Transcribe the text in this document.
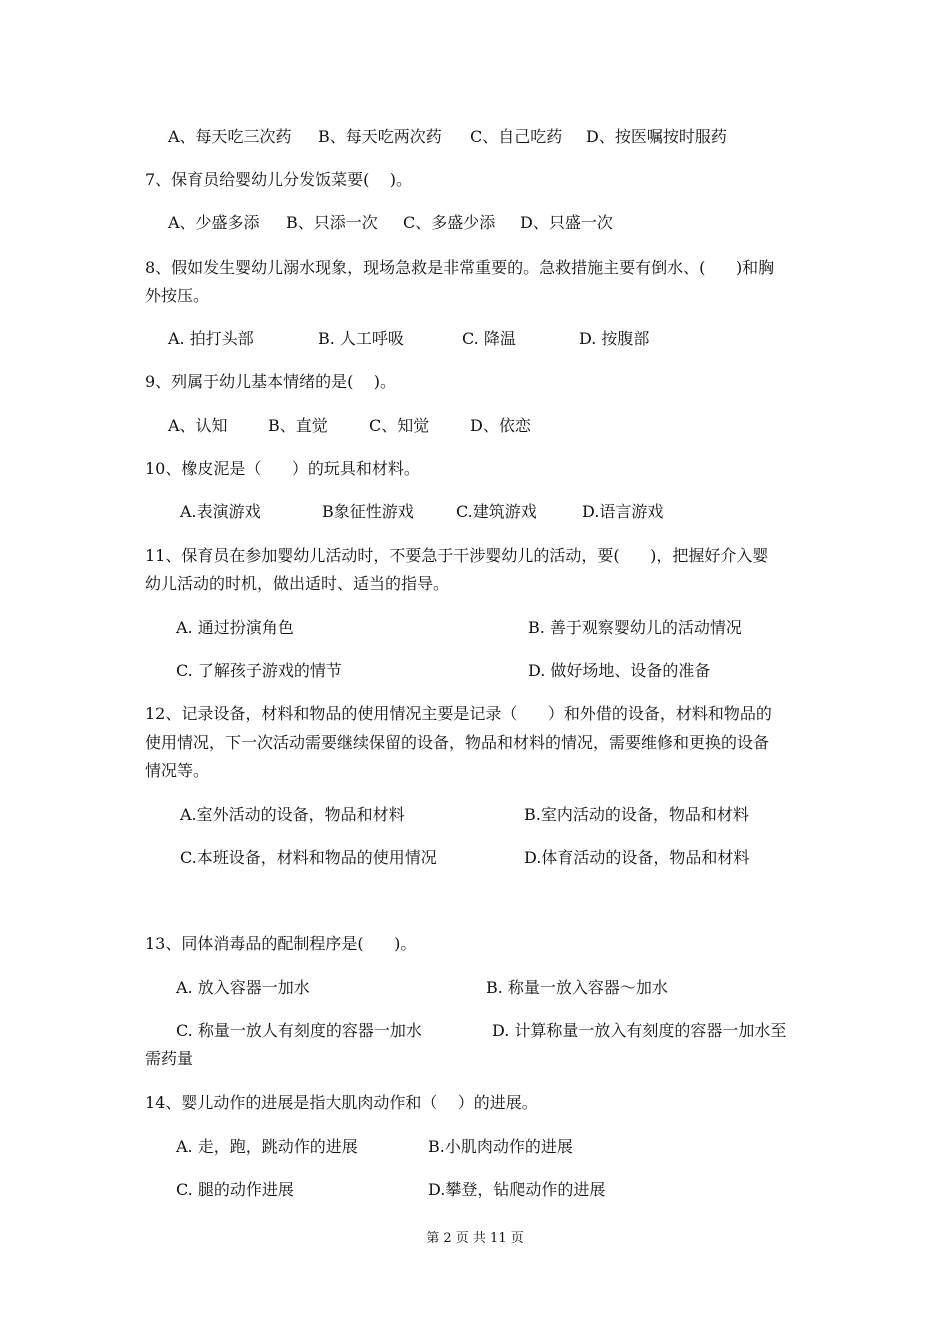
A、每天吃三次药 B、每天吃两次药 C、自己吃药 D、按医嘱按时服药
7、保育员给婴幼儿分发饭菜要(    )。
A、少盛多添 B、只添一次 C、多盛少添 D、只盛一次
8、假如发生婴幼儿溺水现象，现场急救是非常重要的。急救措施主要有倒水、(      )和胸
外按压。
A. 拍打头部	B. 人工呼吸	C. 降温	D. 按腹部
9、列属于幼儿基本情绪的是(    )。
A、认知	B、直觉	C、知觉	D、依恋
10、橡皮泥是（      ）的玩具和材料。
A.表演游戏	B象征性游戏	C.建筑游戏	D.语言游戏
11、保育员在参加婴幼儿活动时，不要急于干涉婴幼儿的活动，要(      )，把握好介入婴
幼儿活动的时机，做出适时、适当的指导。
A. 通过扮演角色	B. 善于观察婴幼儿的活动情况
C. 了解孩子游戏的情节	D. 做好场地、设备的准备
12、记录设备，材料和物品的使用情况主要是记录（      ）和外借的设备，材料和物品的
使用情况，下一次活动需要继续保留的设备，物品和材料的情况，需要维修和更换的设备
情况等。
A.室外活动的设备，物品和材料	B.室内活动的设备，物品和材料
C.本班设备，材料和物品的使用情况	D.体育活动的设备，物品和材料
13、同体消毒品的配制程序是(      )。
A. 放入容器一加水	B. 称量一放入容器～加水
C. 称量一放人有刻度的容器一加水	D. 计算称量一放入有刻度的容器一加水至
需药量
14、婴儿动作的进展是指大肌肉动作和（    ）的进展。
A. 走，跑，跳动作的进展	B.小肌肉动作的进展
C. 腿的动作进展	D.攀登，钻爬动作的进展
第 2 页 共 11 页
